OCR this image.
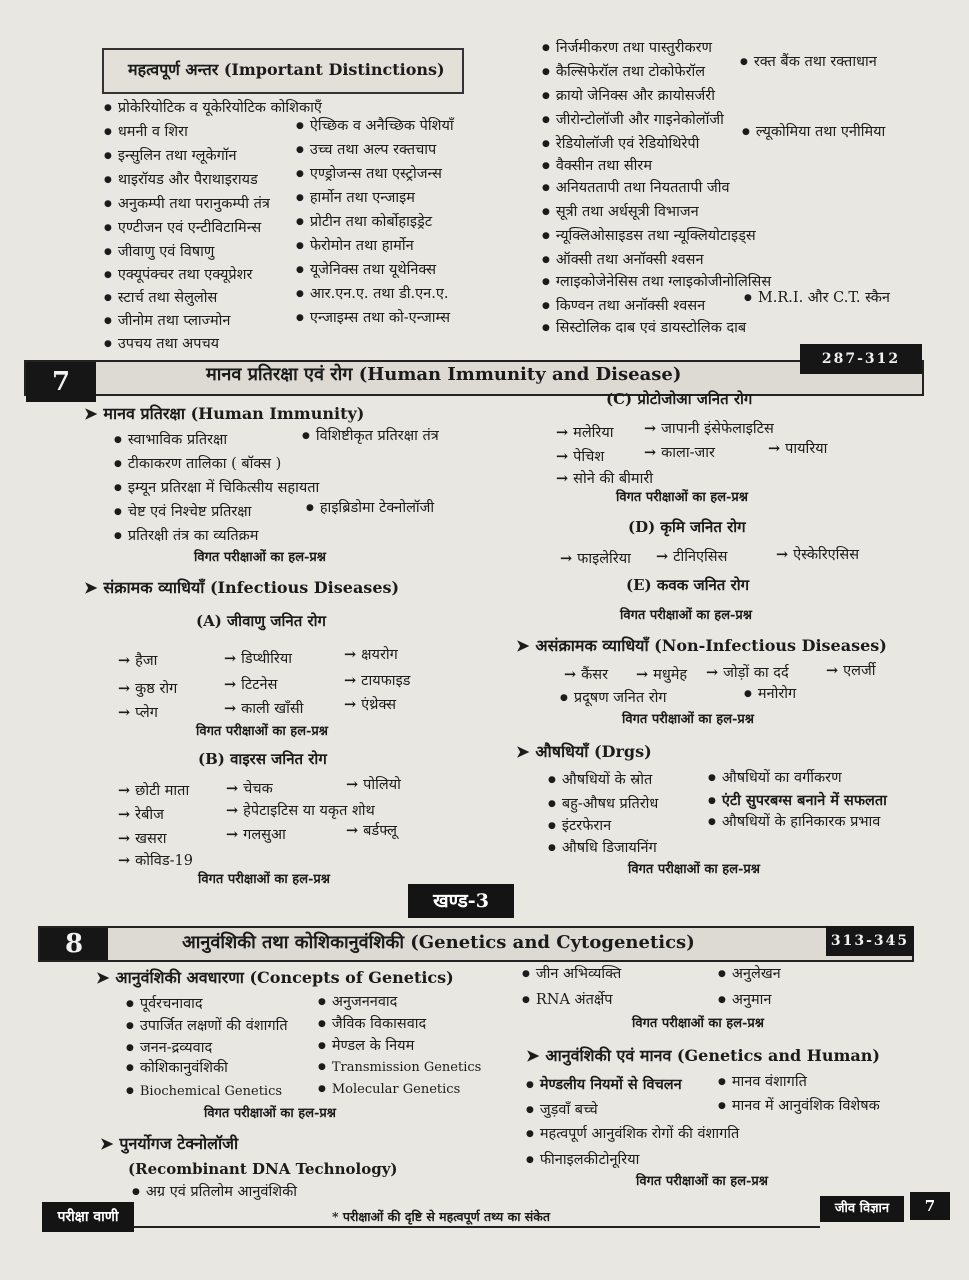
महत्वपूर्ण अन्तर (Important Distinctions)
● प्रोकेरियोटिक व यूकेरियोटिक कोशिकाएँ
● धमनी व शिरा
● इन्सुलिन तथा ग्लूकेगॉन
● थाइरॉयड और पैराथाइरायड
● अनुकम्पी तथा परानुकम्पी तंत्र
● एण्टीजन एवं एन्टीविटामिन्स
● जीवाणु एवं विषाणु
● एक्यूपंक्चर तथा एक्यूप्रेशर
● स्टार्च तथा सेलुलोस
● जीनोम तथा प्लाज्मोन
● उपचय तथा अपचय
● ऐच्छिक व अनैच्छिक पेशियाँ
● उच्च तथा अल्प रक्तचाप
● एण्ड्रोजन्स तथा एस्ट्रोजन्स
● हार्मोन तथा एन्जाइम
● प्रोटीन तथा कोर्बोहाइड्रेट
● फेरोमोन तथा हार्मोन
● यूजेनिक्स तथा यूथेनिक्स
● आर.एन.ए. तथा डी.एन.ए.
● एन्जाइम्स तथा को-एन्जाम्स
● निर्जमीकरण तथा पास्तुरीकरण
● कैल्सिफेरॉल तथा टोकोफेरॉल
● रक्त बैंक तथा रक्ताधान
● क्रायो जेनिक्स और क्रायोसर्जरी
● जीरोन्टोलॉजी और गाइनेकोलॉजी
● रेडियोलॉजी एवं रेडियोथिरेपी
● ल्यूकोमिया तथा एनीमिया
● वैक्सीन तथा सीरम
● अनियततापी तथा नियततापी जीव
● सूत्री तथा अर्धसूत्री विभाजन
● न्यूक्लिओसाइडस तथा न्यूक्लियोटाइड्स
● ऑक्सी तथा अनॉक्सी श्वसन
● ग्लाइकोजेनेसिस तथा ग्लाइकोजीनोलिसिस
● किण्वन तथा अनॉक्सी श्वसन	● M.R.I. और C.T. स्कैन
● सिस्टोलिक दाब एवं डायस्टोलिक दाब
7	मानव प्रतिरक्षा एवं रोग (Human Immunity and Disease)
287-312
➤ मानव प्रतिरक्षा (Human Immunity)
● स्वाभाविक प्रतिरक्षा	● विशिष्टीकृत प्रतिरक्षा तंत्र
● टीकाकरण तालिका ( बॉक्स )
● इम्यून प्रतिरक्षा में चिकित्सीय सहायता
● चेष्ट एवं निश्चेष्ट प्रतिरक्षा	● हाइब्रिडोमा टेक्नोलॉजी
● प्रतिरक्षी तंत्र का व्यतिक्रम
विगत परीक्षाओं का हल-प्रश्न
➤ संक्रामक व्याधियाँ (Infectious Diseases)
(A) जीवाणु जनित रोग
→ हैजा	→ डिप्थीरिया	→ क्षयरोग
→ कुष्ठ रोग	→ टिटनेस	→ टायफाइड
→ प्लेग	→ काली खाँसी	→ एंथ्रेक्स
विगत परीक्षाओं का हल-प्रश्न
(B) वाइरस जनित रोग
→ छोटी माता	→ चेचक	→ पोलियो
→ रेबीज	→ हेपेटाइटिस या यकृत शोथ
→ खसरा	→ गलसुआ	→ बर्डफ्लू
→ कोविड-19
विगत परीक्षाओं का हल-प्रश्न
(C) प्रोटोजोआ जनित रोग
→ मलेरिया	→ जापानी इंसेफेलाइटिस
→ पेचिश	→ काला-जार	→ पायरिया
→ सोने की बीमारी
विगत परीक्षाओं का हल-प्रश्न
(D) कृमि जनित रोग
→ फाइलेरिया	→ टीनिएसिस	→ ऐस्केरिएसिस
(E) कवक जनित रोग
विगत परीक्षाओं का हल-प्रश्न
➤ असंक्रामक व्याधियाँ (Non-Infectious Diseases)
→ कैंसर	→ मधुमेह	→ जोड़ों का दर्द	→ एलर्जी
● प्रदूषण जनित रोग	● मनोरोग
विगत परीक्षाओं का हल-प्रश्न
➤ औषधियाँ (Drgs)
● औषधियों के स्रोत	● औषधियों का वर्गीकरण
● बहु-औषध प्रतिरोध	● एंटी सुपरबग्स बनाने में सफलता
● इंटरफेरान	● औषधियों के हानिकारक प्रभाव
● औषधि डिजायनिंग
विगत परीक्षाओं का हल-प्रश्न
खण्ड-3
8	आनुवंशिकी तथा कोशिकानुवंशिकी (Genetics and Cytogenetics)	313-345
➤ आनुवंशिकी अवधारणा (Concepts of Genetics)
● पूर्वरचनावाद	● अनुजननवाद
● उपार्जित लक्षणों की वंशागति	● जैविक विकासवाद
● जनन-द्रव्यवाद	● मेण्डल के नियम
● कोशिकानुवंशिकी	● Transmission Genetics
● Biochemical Genetics	● Molecular Genetics
विगत परीक्षाओं का हल-प्रश्न
➤ पुनर्योगज टेक्नोलॉजी
(Recombinant DNA Technology)
● अग्र एवं प्रतिलोम आनुवंशिकी
● जीन अभिव्यक्ति	● अनुलेखन
● RNA अंतर्क्षेप	● अनुमान
विगत परीक्षाओं का हल-प्रश्न
➤ आनुवंशिकी एवं मानव (Genetics and Human)
● मेण्डलीय नियमों से विचलन	● मानव वंशागति
● जुड़वाँ बच्चे	● मानव में आनुवंशिक विशेषक
● महत्वपूर्ण आनुवंशिक रोगों की वंशागति
● फीनाइलकीटोनूरिया
विगत परीक्षाओं का हल-प्रश्न
परीक्षा वाणी	* परीक्षाओं की दृष्टि से महत्वपूर्ण तथ्य का संकेत
जीव विज्ञान	7
